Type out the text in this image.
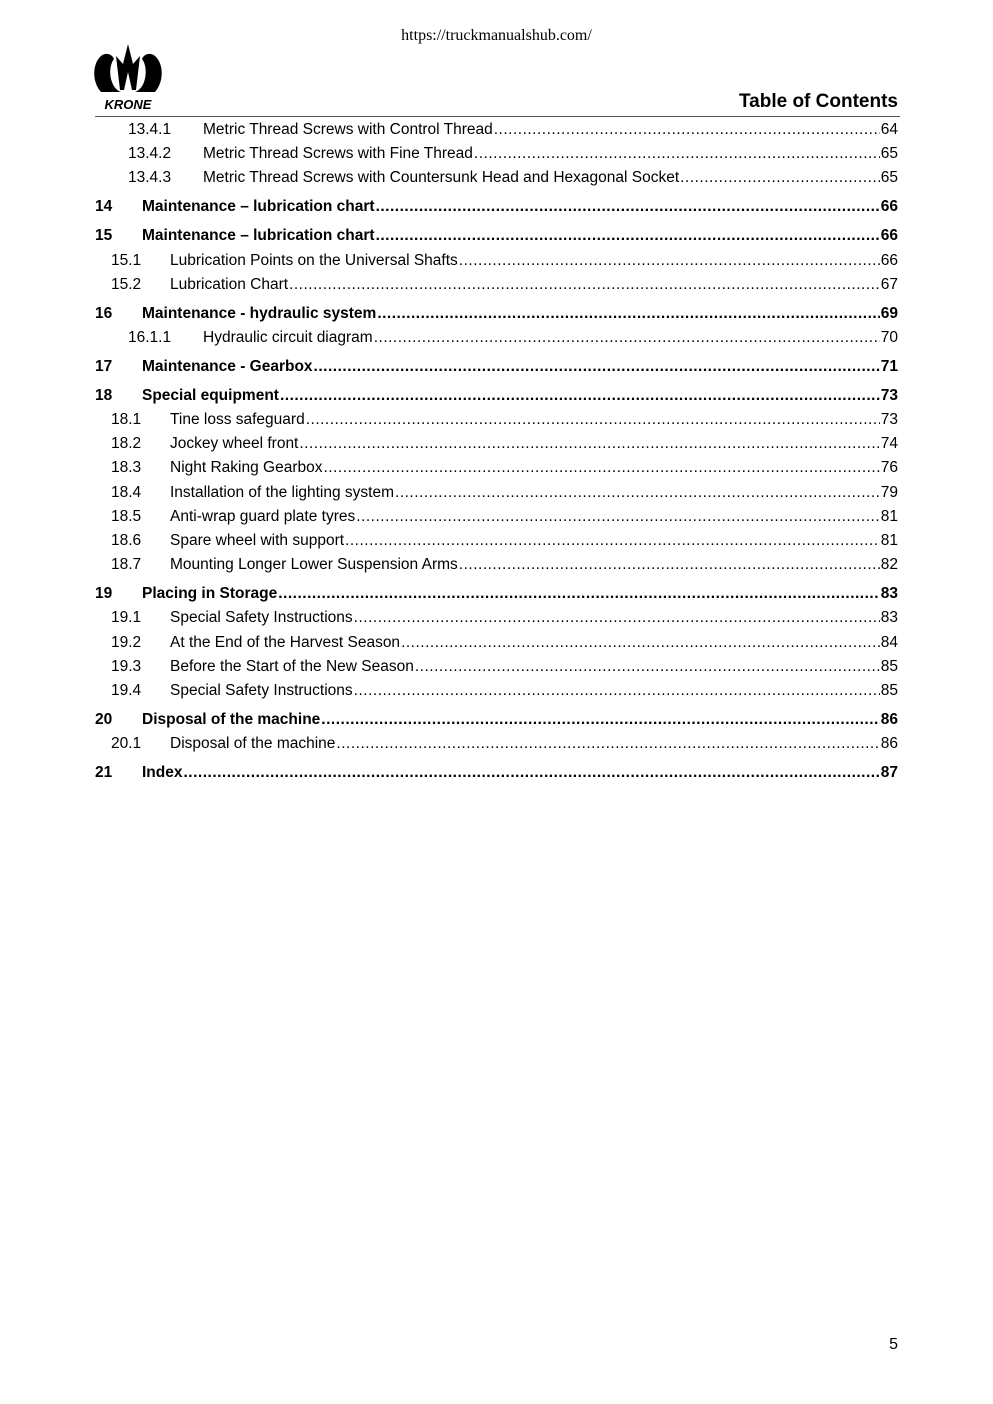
https://truckmanualshub.com/
KRONE	Table of Contents
13.4.1	Metric Thread Screws with Control Thread .....	64
13.4.2	Metric Thread Screws with Fine Thread .....	65
13.4.3	Metric Thread Screws with Countersunk Head and Hexagonal Socket .....	65
14	Maintenance – lubrication chart .....	66
15	Maintenance – lubrication chart .....	66
15.1	Lubrication Points on the Universal Shafts .....	66
15.2	Lubrication Chart .....	67
16	Maintenance - hydraulic system .....	69
16.1.1	Hydraulic circuit diagram .....	70
17	Maintenance - Gearbox .....	71
18	Special equipment .....	73
18.1	Tine loss safeguard .....	73
18.2	Jockey wheel front .....	74
18.3	Night Raking Gearbox .....	76
18.4	Installation of the lighting system .....	79
18.5	Anti-wrap guard plate tyres .....	81
18.6	Spare wheel with support .....	81
18.7	Mounting Longer Lower Suspension Arms .....	82
19	Placing in Storage .....	83
19.1	Special Safety Instructions .....	83
19.2	At the End of the Harvest Season .....	84
19.3	Before the Start of the New Season .....	85
19.4	Special Safety Instructions .....	85
20	Disposal of the machine .....	86
20.1	Disposal of the machine .....	86
21	Index .....	87
5
